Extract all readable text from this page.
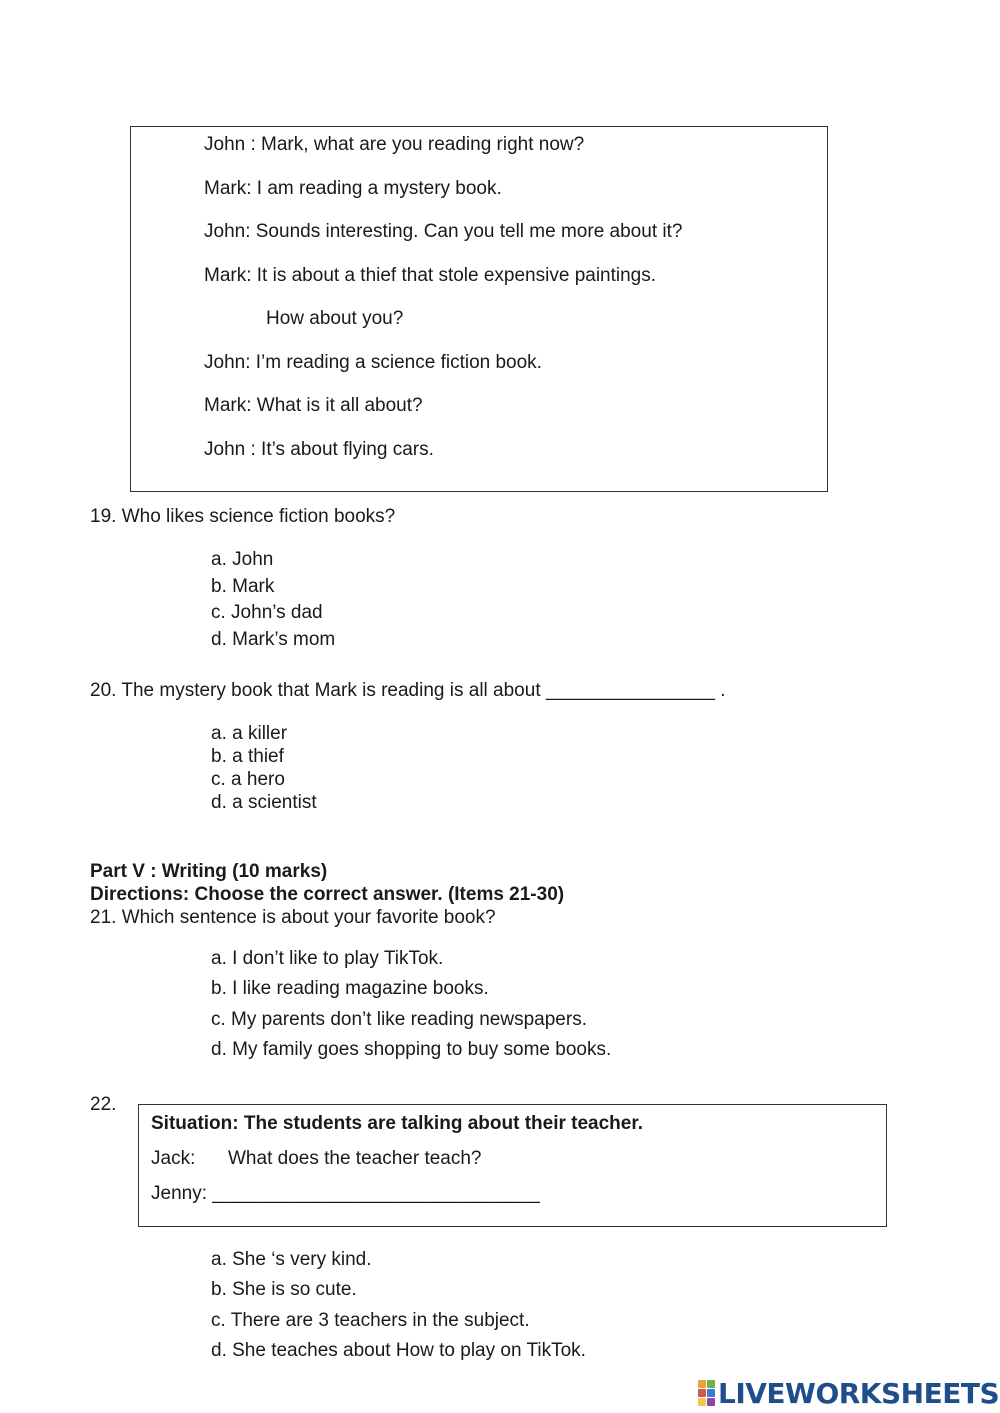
John : Mark, what are you reading right now?
Mark: I am reading a mystery book.
John: Sounds interesting. Can you tell me more about it?
Mark: It is about a thief that stole expensive paintings.
How about you?
John: I’m reading a science fiction book.
Mark: What is it all about?
John : It’s about flying cars.
19. Who likes science fiction books?
a. John
b. Mark
c. John’s dad
d. Mark’s mom
20. The mystery book that Mark is reading is all about ________________ .
a. a killer
b. a thief
c. a hero
d. a scientist
Part V : Writing (10 marks)
Directions: Choose the correct answer. (Items 21-30)
21. Which sentence is about your favorite book?
a. I don’t like to play TikTok.
b. I like reading magazine books.
c. My parents don’t like reading newspapers.
d. My family goes shopping to buy some books.
22.
Situation: The students are talking about their teacher.
Jack: What does the teacher teach?
Jenny: _______________________________
a. She ‘s very kind.
b. She is so cute.
c. There are 3 teachers in the subject.
d. She teaches about How to play on TikTok.
LIVEWORKSHEETS
